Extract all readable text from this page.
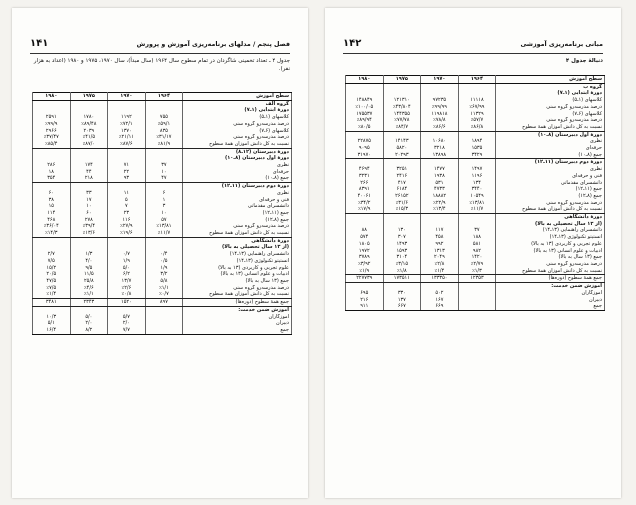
۱۴۱	فصل پنجم / مدلهای برنامه‌ریزی آموزش و پرورش
جدول ۴ ـ تعداد تخمینی شاگردان در تمام سطوح سال ۱۹۶۴ (سال مبدأ)، سال ۱۹۷۰، ۱۹۷۵ و ۱۹۸۰ (اعداد به هزار نفر).
سطح آموزش	۱۹۶۴	۱۹۷۰	۱۹۷۵	۱۹۸۰
گروه الف				
دورهٔ ابتدایی (۱ـ۷)				
کلاسهای (۱ـ۵)	۷۵۵	۱۱۹۲	۱۷۸۰	۲۵۹۱
درصد مدرسه‌رو گروه سنی	٪۵۹/۱	٪۷۲/۱	٪۸۹/۴۸	٪۹۹/۹
کلاسهای (۶ـ۷)	۸۳۵	۱۳۷۰	۲۰۳۹	۲۹۶۶
درصد مدرسه‌رو گروه سنی	٪۳۱/۱۷	٪۲۱/۱۱	٪۴۱/۵	٪۳۷/۴۷
نسبت به کل دانش آموزان همهٔ سطوح	٪۸۱/۹	٪۸۷/۶	٪۸۷/۰	٪۸۵/۴
دورهٔ دبیرستان (۱۲ـ۸)				
دورهٔ اول دبیرستان (۸ـ۱۰)				
نظری	۳۷	۷۱	۱۷۴	۲۸۶
حرفه‌ای	۱۰	۲۲	۴۴	۱۸
جمع (۸ـ۱۰)	۴۷	۹۳	۲۱۸	۳۵۴
دورهٔ دوم دبیرستان (۱۱ـ۱۲)				
نظری	۶	۱۱	۳۳	۶۰
فنی و حرفه‌ای	۱	۵	۱۷	۳۸
دانشسرای مقدماتی	۳	۷	۱۰	۱۵
جمع (۱۱ـ۱۲)	۱۰	۲۳	۶۰	۱۱۴
جمع (۸ـ۱۲)	۵۷	۱۱۶	۲۷۸	۴۶۸
درصد مدرسه‌رو گروه سنی	٪۱۳/۸۱	٪۲۷/۹	٪۳۹/۴	٪۳۶/۰۴
نسبت به کل دانش آموزان همهٔ سطوح	٪۱۱/۷	٪۱۹/۶	٪۱۳/۶	٪۱۴/۳
دورهٔ دانشگاهی				
(از ۱۳ سال تحصیلی به بالا)				
دانشسرای راهنمایی (۱۳ـ۱۴)	۰/۴	۰/۷	۱/۳	۲/۷
انستیتو تکنولوژی (۱۳ـ۱۴)	۰/۵	۱/۹	۴/۰	۷/۵
علوم تجربی و کاربردی (۱۳ به بالا)	۱/۹	۵/۰	۹/۵	۱۵/۲
ادبیات و علوم انسانی (۱۳ به بالا)	۳/۲	۶/۲	۱۱/۵	۲۰/۵
جمع (۱۳ سال به بالا)	۵/۸	۱۳/۷	۲۵/۸	۴۷/۵
درصد مدرسه‌رو گروه سنی	٪۱/۱	٪۲/۶	٪۴/۶	٪۷/۵
نسبت به کل دانش آموزان همهٔ سطوح	٪۰/۷	٪۰/۸	٪۱/۱	٪۱/۴
جمع همهٔ سطوح (دوره‌ها)	۸۹۷	۱۵۲۰	۲۳۴۳	۳۴۸۱
آموزش ضمن خدمت:				
آموزگاران		۵/۷	۵/۰	۱۰/۳
دبیران		۲/۰	۲/۰	۵/۱
جمع		۷/۷	۸/۲	۱۶/۴
۱۴۲	مبانی برنامه‌ریزی آموزشی
دنبالهٔ جدول ۴
سطح آموزش	۱۹۶۴	۱۹۷۰	۱۹۷۵	۱۹۸۰
گروه ب				
دورهٔ ابتدایی (۱ـ۷)				
کلاسهای (۱ـ۵)	۱۱۱۱۸	۹۷۲۳۵	۱۲۱۳۱۰	۱۴۸۸۴۹
درصد مدرسه‌رو گروه سنی	٪۶۷/۹۹	٪۹۹/۹۹	٪۴۳/۸۰۴	٪۱۰۰/۰۵
کلاسهای (۶ـ۷)	۱۱۳۲۹	۱۱۹۸۱۸	۱۴۴۳۵۵	۱۷۵۵۳۷
درصد مدرسه‌رو گروه سنی	٪۵۷/۷	٪۷۸/۸	٪۷۷/۷۸	٪۸۹/۹۴
نسبت به کل دانش آموزان همهٔ سطوح	٪۸۶/۸	٪۸۶/۶	٪۸۴/۷	٪۸۰/۵
دورهٔ اول دبیرستان (۸ـ۱۰)				
نظری	۱۸۹۴	۱۰۶۸۰	۱۴۱۴۳	۲۲۸۷۵
حرفه‌ای	۱۵۳۵	۳۲۱۸	۵۸۲۰	۹۰۹۵
جمع (۸ـ۱۰)	۳۴۲۹	۱۳۸۹۸	۲۰۲۹۳	۳۱۹۷۰
دورهٔ دوم دبیرستان (۱۱ـ۱۲)				
نظری	۱۴۹۷	۱۴۷۷	۳۲۵۱	۴۶۹۴
فنی و حرفه‌ای	۱۱۹۶	۱۹۳۸	۲۴۱۶	۳۲۳۱
دانشسرای مقدماتی	۱۳۴	۵۳۱	۴۱۷	۲۶۶
جمع (۱۱ـ۱۲)	۳۴۴۰	۴۷۳۳	۶۱۸۴	۸۳۹۱
جمع (۸ـ۱۲)	۱۰۵۴۹	۱۸۸۸۲	۲۶۱۵۲	۴۰۰۶۱
درصد مدرسه‌رو گروه سنی	٪۱۳/۸۱	٪۲۲/۹	٪۳۱/۶	٪۳۴/۲
نسبت به کل دانش آموزان همهٔ سطوح	٪۱۱/۷	٪۱۳/۴	٪۱۵/۳	٪۱۷/۹
دورهٔ دانشگاهی				
(از ۱۳ سال تحصیلی به بالا)				
دانشسرای راهنمایی (۱۳ـ۱۴)	۳۷	۱۱۷	۱۳۰	۸۸
انستیتو تکنولوژی (۱۳ـ۱۴)	۱۸۸	۴۵۸	۳۰۷	۵۷۴
علوم تجربی و کاربردی (۱۳ به بالا)	۵۸۱	۹۹۲	۱۴۹۳	۱۸۰۵
ادبیات و علوم انسانی (۱۳ به بالا)	۹۸۲	۱۳۱۳	۱۵۹۳	۱۹۷۲
جمع (۱۳ سال به بالا)	۱۴۲۰	۲۰۴۹	۳۱۰۴	۳۷۸۹
درصد مدرسه‌رو گروه سنی	٪۲/۷۹	٪۲/۸	٪۳/۱۵	٪۳/۹۲
نسبت به کل دانش آموزان همهٔ سطوح	٪۱/۳	٪۱/۴	٪۱/۸	٪۱/۹
جمع همهٔ سطوح (دوره‌ها)	۱۲۳۵۳	۱۳۳۳۵۰	۱۷۳۵۱۱	۲۲۷۷۳۹
آموزش ضمن خدمت:				
آموزگاران		۵۰۲	۳۳۰	۶۹۵
دبیران		۱۶۷	۱۳۷	۲۱۶
جمع		۶۶۹	۶۶۷	۹۱۱
